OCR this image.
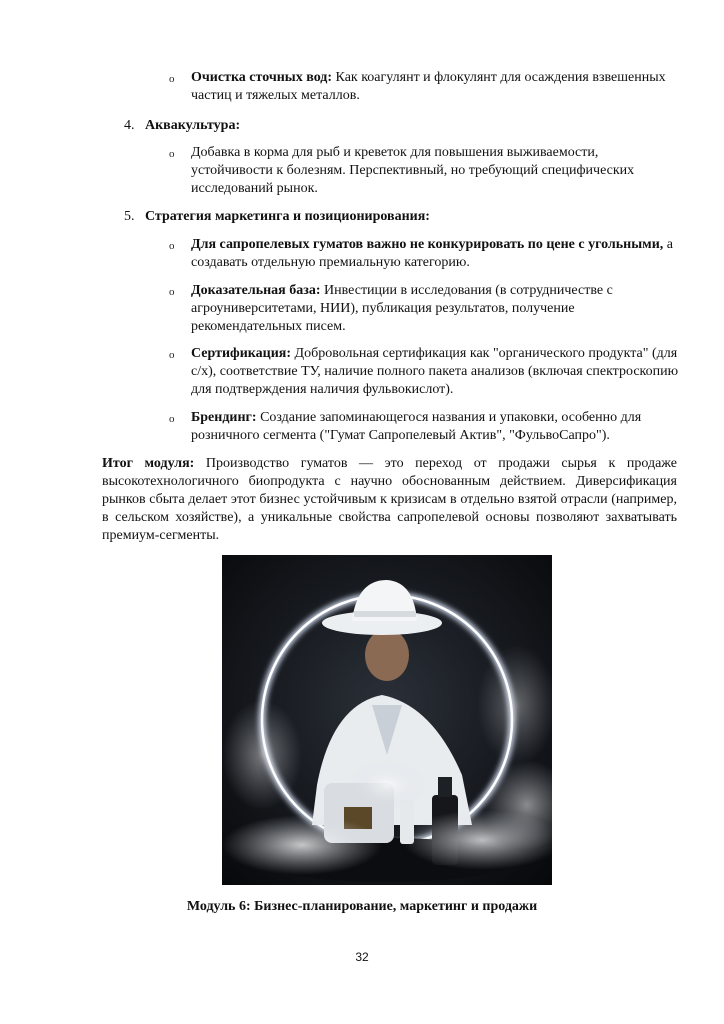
o Очистка сточных вод: Как коагулянт и флокулянт для осаждения взвешенных частиц и тяжелых металлов.
4. Аквакультура:
o Добавка в корма для рыб и креветок для повышения выживаемости, устойчивости к болезням. Перспективный, но требующий специфических исследований рынок.
5. Стратегия маркетинга и позиционирования:
o Для сапропелевых гуматов важно не конкурировать по цене с угольными, а создавать отдельную премиальную категорию.
o Доказательная база: Инвестиции в исследования (в сотрудничестве с агроуниверситетами, НИИ), публикация результатов, получение рекомендательных писем.
o Сертификация: Добровольная сертификация как "органического продукта" (для с/х), соответствие ТУ, наличие полного пакета анализов (включая спектроскопию для подтверждения наличия фульвокислот).
o Брендинг: Создание запоминающегося названия и упаковки, особенно для розничного сегмента ("Гумат Сапропелевый Актив", "ФульвоСапро").
Итог модуля: Производство гуматов — это переход от продажи сырья к продаже высокотехнологичного биопродукта с научно обоснованным действием. Диверсификация рынков сбыта делает этот бизнес устойчивым к кризисам в отдельно взятой отрасли (например, в сельском хозяйстве), а уникальные свойства сапропелевой основы позволяют захватывать премиум-сегменты.
Модуль 6: Бизнес-планирование, маркетинг и продажи
32
